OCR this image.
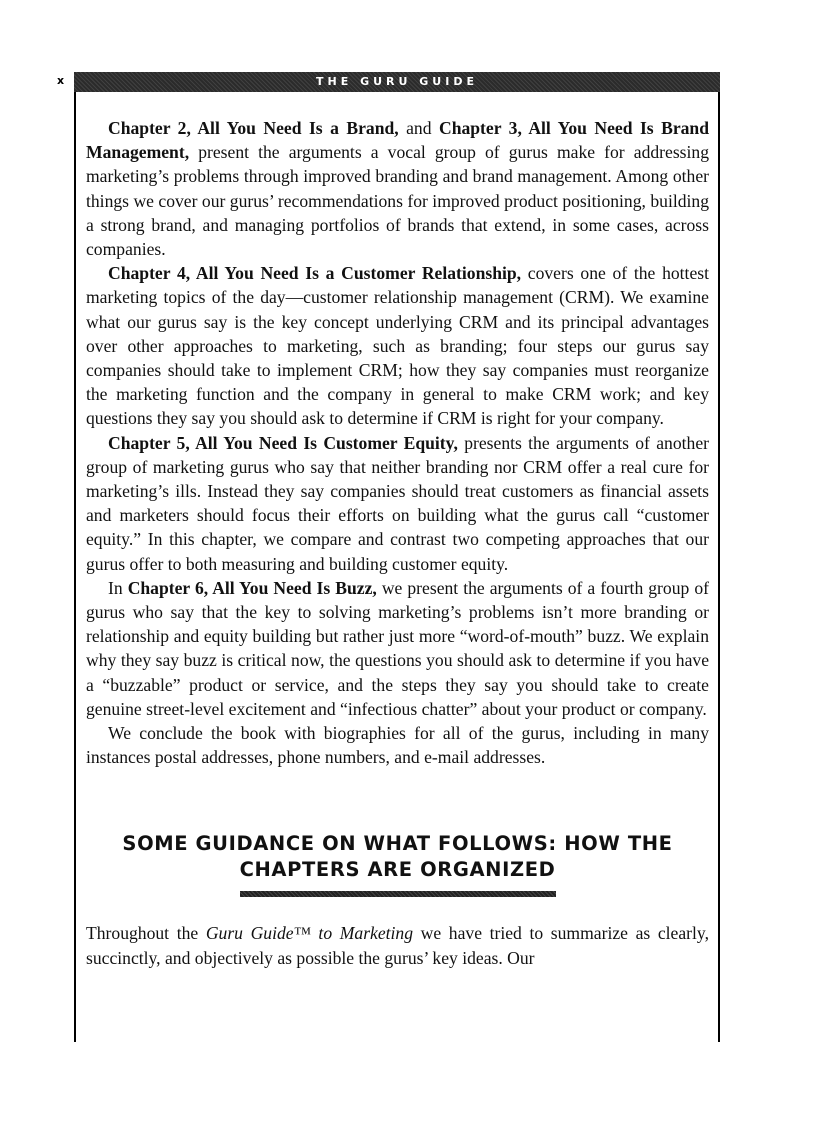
x	THE GURU GUIDE

Chapter 2, All You Need Is a Brand, and Chapter 3, All You Need Is Brand Management, present the arguments a vocal group of gurus make for addressing marketing’s problems through improved branding and brand management. Among other things we cover our gurus’ recommendations for improved product positioning, building a strong brand, and managing portfolios of brands that extend, in some cases, across companies.

Chapter 4, All You Need Is a Customer Relationship, covers one of the hottest marketing topics of the day—customer relationship management (CRM). We examine what our gurus say is the key concept underlying CRM and its principal advantages over other approaches to marketing, such as branding; four steps our gurus say companies should take to implement CRM; how they say companies must reorganize the marketing function and the company in general to make CRM work; and key questions they say you should ask to determine if CRM is right for your company.

Chapter 5, All You Need Is Customer Equity, presents the arguments of another group of marketing gurus who say that neither branding nor CRM offer a real cure for marketing’s ills. Instead they say companies should treat customers as financial assets and marketers should focus their efforts on building what the gurus call “customer equity.” In this chapter, we compare and contrast two competing approaches that our gurus offer to both measuring and building customer equity.

In Chapter 6, All You Need Is Buzz, we present the arguments of a fourth group of gurus who say that the key to solving marketing’s problems isn’t more branding or relationship and equity building but rather just more “word-of-mouth” buzz. We explain why they say buzz is critical now, the questions you should ask to determine if you have a “buzzable” product or service, and the steps they say you should take to create genuine street-level excitement and “infectious chatter” about your product or company.

We conclude the book with biographies for all of the gurus, including in many instances postal addresses, phone numbers, and e-mail addresses.

SOME GUIDANCE ON WHAT FOLLOWS: HOW THE
CHAPTERS ARE ORGANIZED

Throughout the Guru Guide™ to Marketing we have tried to summarize as clearly, succinctly, and objectively as possible the gurus’ key ideas. Our
